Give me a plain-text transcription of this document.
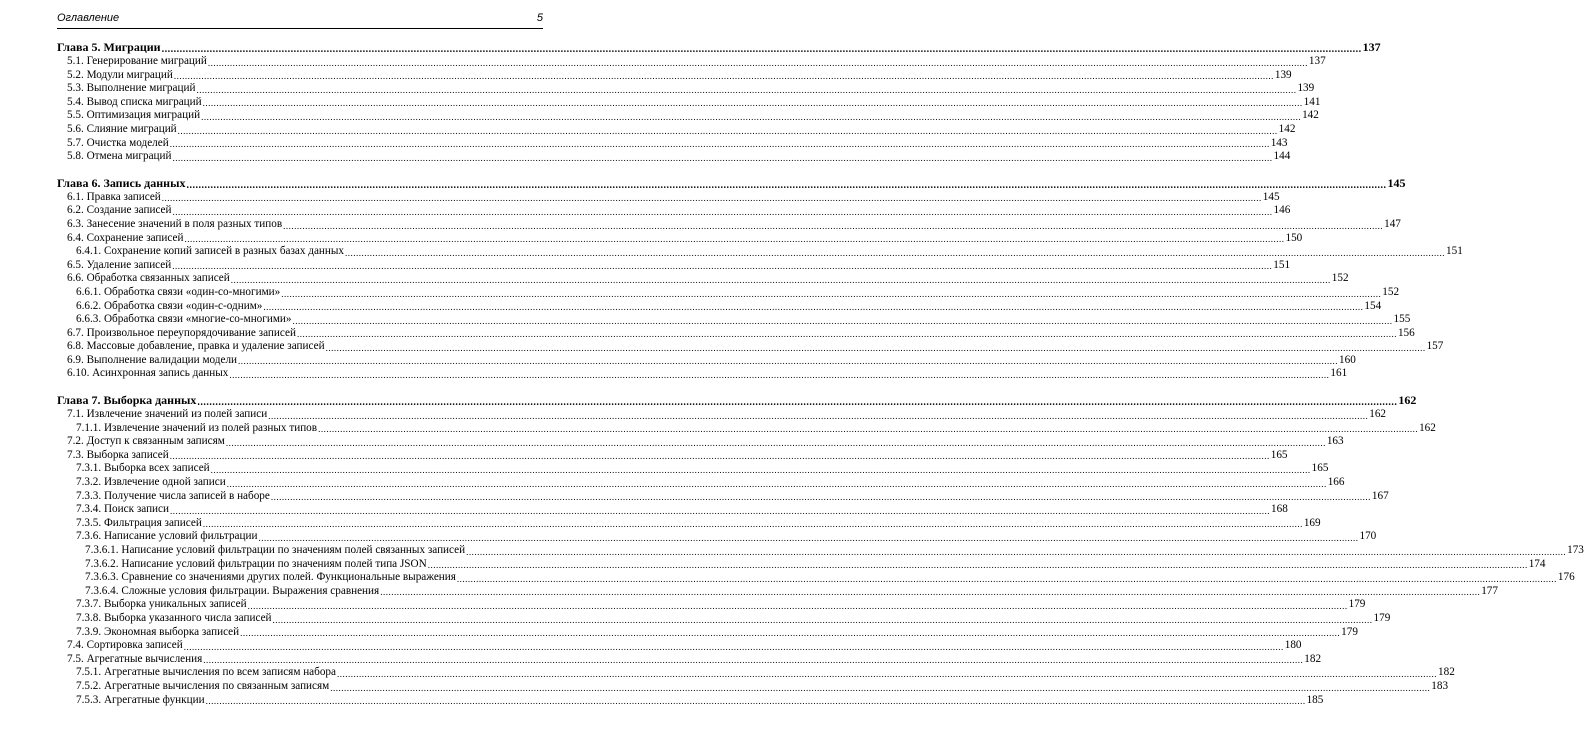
Оглавление	5
Глава 5. Миграции ................................................................................................................................................................................................................................................................................................................................................................................................................ 137
5.1. Генерирование миграций ................................................................................................................................................................................................................................................................................................................................................................................................................ 137
5.2. Модули миграций ................................................................................................................................................................................................................................................................................................................................................................................................................ 139
5.3. Выполнение миграций ................................................................................................................................................................................................................................................................................................................................................................................................................ 139
5.4. Вывод списка миграций ................................................................................................................................................................................................................................................................................................................................................................................................................ 141
5.5. Оптимизация миграций ................................................................................................................................................................................................................................................................................................................................................................................................................ 142
5.6. Слияние миграций ................................................................................................................................................................................................................................................................................................................................................................................................................ 142
5.7. Очистка моделей ................................................................................................................................................................................................................................................................................................................................................................................................................ 143
5.8. Отмена миграций ................................................................................................................................................................................................................................................................................................................................................................................................................ 144
Глава 6. Запись данных ................................................................................................................................................................................................................................................................................................................................................................................................................ 145
6.1. Правка записей ................................................................................................................................................................................................................................................................................................................................................................................................................ 145
6.2. Создание записей ................................................................................................................................................................................................................................................................................................................................................................................................................ 146
6.3. Занесение значений в поля разных типов ................................................................................................................................................................................................................................................................................................................................................................................................................ 147
6.4. Сохранение записей ................................................................................................................................................................................................................................................................................................................................................................................................................ 150
6.4.1. Сохранение копий записей в разных базах данных ................................................................................................................................................................................................................................................................................................................................................................................................................ 151
6.5. Удаление записей ................................................................................................................................................................................................................................................................................................................................................................................................................ 151
6.6. Обработка связанных записей ................................................................................................................................................................................................................................................................................................................................................................................................................ 152
6.6.1. Обработка связи «один-со-многими» ................................................................................................................................................................................................................................................................................................................................................................................................................ 152
6.6.2. Обработка связи «один-с-одним» ................................................................................................................................................................................................................................................................................................................................................................................................................ 154
6.6.3. Обработка связи «многие-со-многими» ................................................................................................................................................................................................................................................................................................................................................................................................................ 155
6.7. Произвольное переупорядочивание записей ................................................................................................................................................................................................................................................................................................................................................................................................................ 156
6.8. Массовые добавление, правка и удаление записей ................................................................................................................................................................................................................................................................................................................................................................................................................ 157
6.9. Выполнение валидации модели ................................................................................................................................................................................................................................................................................................................................................................................................................ 160
6.10. Асинхронная запись данных ................................................................................................................................................................................................................................................................................................................................................................................................................ 161
Глава 7. Выборка данных ................................................................................................................................................................................................................................................................................................................................................................................................................ 162
7.1. Извлечение значений из полей записи ................................................................................................................................................................................................................................................................................................................................................................................................................ 162
7.1.1. Извлечение значений из полей разных типов ................................................................................................................................................................................................................................................................................................................................................................................................................ 162
7.2. Доступ к связанным записям ................................................................................................................................................................................................................................................................................................................................................................................................................ 163
7.3. Выборка записей ................................................................................................................................................................................................................................................................................................................................................................................................................ 165
7.3.1. Выборка всех записей ................................................................................................................................................................................................................................................................................................................................................................................................................ 165
7.3.2. Извлечение одной записи ................................................................................................................................................................................................................................................................................................................................................................................................................ 166
7.3.3. Получение числа записей в наборе ................................................................................................................................................................................................................................................................................................................................................................................................................ 167
7.3.4. Поиск записи ................................................................................................................................................................................................................................................................................................................................................................................................................ 168
7.3.5. Фильтрация записей ................................................................................................................................................................................................................................................................................................................................................................................................................ 169
7.3.6. Написание условий фильтрации ................................................................................................................................................................................................................................................................................................................................................................................................................ 170
7.3.6.1. Написание условий фильтрации по значениям полей связанных записей ................................................................................................................................................................................................................................................................................................................................................................................................................ 173
7.3.6.2. Написание условий фильтрации по значениям полей типа JSON ................................................................................................................................................................................................................................................................................................................................................................................................................ 174
7.3.6.3. Сравнение со значениями других полей. Функциональные выражения ................................................................................................................................................................................................................................................................................................................................................................................................................ 176
7.3.6.4. Сложные условия фильтрации. Выражения сравнения ................................................................................................................................................................................................................................................................................................................................................................................................................ 177
7.3.7. Выборка уникальных записей ................................................................................................................................................................................................................................................................................................................................................................................................................ 179
7.3.8. Выборка указанного числа записей ................................................................................................................................................................................................................................................................................................................................................................................................................ 179
7.3.9. Экономная выборка записей ................................................................................................................................................................................................................................................................................................................................................................................................................ 179
7.4. Сортировка записей ................................................................................................................................................................................................................................................................................................................................................................................................................ 180
7.5. Агрегатные вычисления ................................................................................................................................................................................................................................................................................................................................................................................................................ 182
7.5.1. Агрегатные вычисления по всем записям набора ................................................................................................................................................................................................................................................................................................................................................................................................................ 182
7.5.2. Агрегатные вычисления по связанным записям ................................................................................................................................................................................................................................................................................................................................................................................................................ 183
7.5.3. Агрегатные функции ................................................................................................................................................................................................................................................................................................................................................................................................................ 185
